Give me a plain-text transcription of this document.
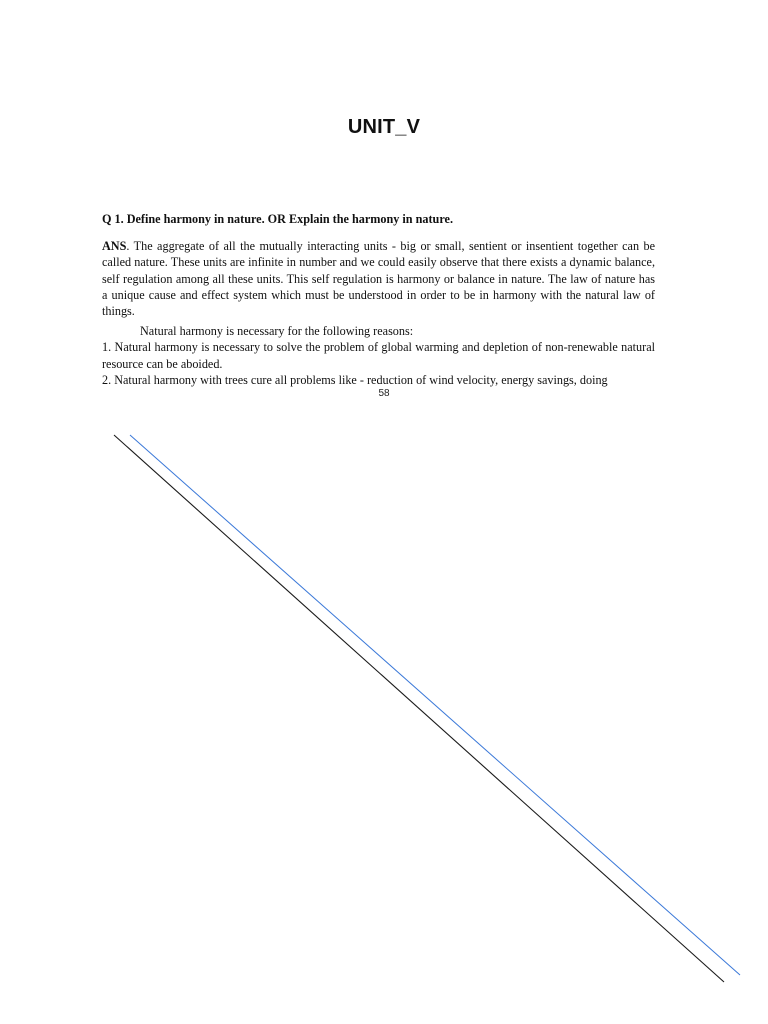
UNIT_V

Q 1. Define harmony in nature. OR Explain the harmony in nature.

ANS. The aggregate of all the mutually interacting units - big or small, sentient or insentient together can be called nature. These units are infinite in number and we could easily observe that there exists a dynamic balance, self regulation among all these units. This self regulation is harmony or balance in nature. The law of nature has a unique cause and effect system which must be understood in order to be in harmony with the natural law of things.

Natural harmony is necessary for the following reasons:

1. Natural harmony is necessary to solve the problem of global warming and depletion of non-renewable natural resource can be aboided.

2. Natural harmony with trees cure all problems like - reduction of wind velocity, energy savings, doing

58
